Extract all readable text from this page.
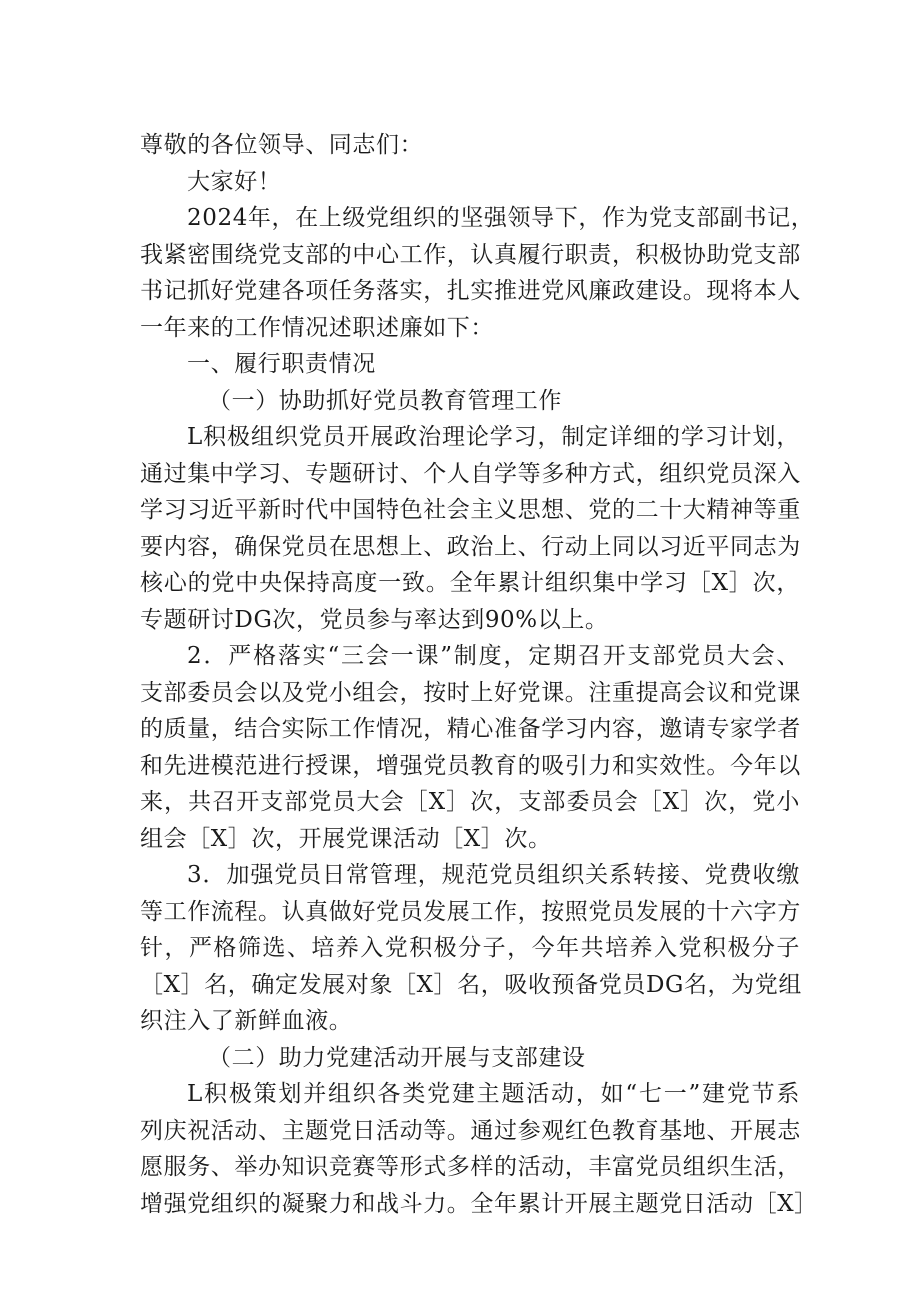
尊敬的各位领导、同志们：
大家好！
2024年，在上级党组织的坚强领导下，作为党支部副书记，
我紧密围绕党支部的中心工作，认真履行职责，积极协助党支部
书记抓好党建各项任务落实，扎实推进党风廉政建设。现将本人
一年来的工作情况述职述廉如下：
一、履行职责情况
（一）协助抓好党员教育管理工作
L积极组织党员开展政治理论学习，制定详细的学习计划，
通过集中学习、专题研讨、个人自学等多种方式，组织党员深入
学习习近平新时代中国特色社会主义思想、党的二十大精神等重
要内容，确保党员在思想上、政治上、行动上同以习近平同志为
核心的党中央保持高度一致。全年累计组织集中学习［X］次，
专题研讨DG次，党员参与率达到90%以上。
2．严格落实“三会一课”制度，定期召开支部党员大会、
支部委员会以及党小组会，按时上好党课。注重提高会议和党课
的质量，结合实际工作情况，精心准备学习内容，邀请专家学者
和先进模范进行授课，增强党员教育的吸引力和实效性。今年以
来，共召开支部党员大会［X］次，支部委员会［X］次，党小
组会［X］次，开展党课活动［X］次。
3．加强党员日常管理，规范党员组织关系转接、党费收缴
等工作流程。认真做好党员发展工作，按照党员发展的十六字方
针，严格筛选、培养入党积极分子，今年共培养入党积极分子
［X］名，确定发展对象［X］名，吸收预备党员DG名，为党组
织注入了新鲜血液。
（二）助力党建活动开展与支部建设
L积极策划并组织各类党建主题活动，如“七一”建党节系
列庆祝活动、主题党日活动等。通过参观红色教育基地、开展志
愿服务、举办知识竞赛等形式多样的活动，丰富党员组织生活，
增强党组织的凝聚力和战斗力。全年累计开展主题党日活动［X］
